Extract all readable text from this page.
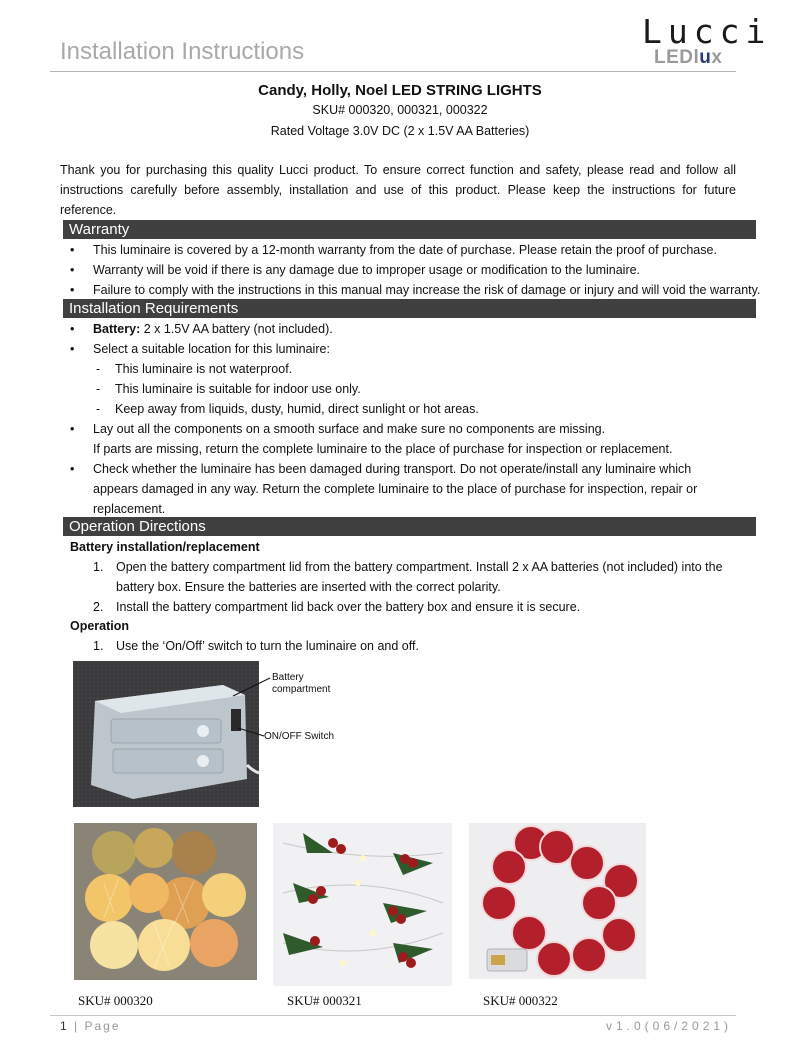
Installation Instructions
Lucci
LEDlux
Candy, Holly, Noel LED STRING LIGHTS
SKU# 000320, 000321, 000322
Rated Voltage 3.0V DC (2 x 1.5V AA Batteries)
Thank you for purchasing this quality Lucci product. To ensure correct function and safety, please read and follow all instructions carefully before assembly, installation and use of this product. Please keep the instructions for future reference.
Warranty
• This luminaire is covered by a 12-month warranty from the date of purchase. Please retain the proof of purchase.
• Warranty will be void if there is any damage due to improper usage or modification to the luminaire.
• Failure to comply with the instructions in this manual may increase the risk of damage or injury and will void the warranty.
Installation Requirements
• Battery: 2 x 1.5V AA battery (not included).
• Select a suitable location for this luminaire:
- This luminaire is not waterproof.
- This luminaire is suitable for indoor use only.
- Keep away from liquids, dusty, humid, direct sunlight or hot areas.
• Lay out all the components on a smooth surface and make sure no components are missing.
If parts are missing, return the complete luminaire to the place of purchase for inspection or replacement.
• Check whether the luminaire has been damaged during transport. Do not operate/install any luminaire which
appears damaged in any way. Return the complete luminaire to the place of purchase for inspection, repair or
replacement.
Operation Directions
Battery installation/replacement
1. Open the battery compartment lid from the battery compartment. Install 2 x AA batteries (not included) into the
battery box. Ensure the batteries are inserted with the correct polarity.
2. Install the battery compartment lid back over the battery box and ensure it is secure.
Operation
1. Use the ‘On/Off’ switch to turn the luminaire on and off.
Battery
compartment
ON/OFF Switch
SKU# 000320	SKU# 000321	SKU# 000322
1 | Page	v1.0(06/2021)
